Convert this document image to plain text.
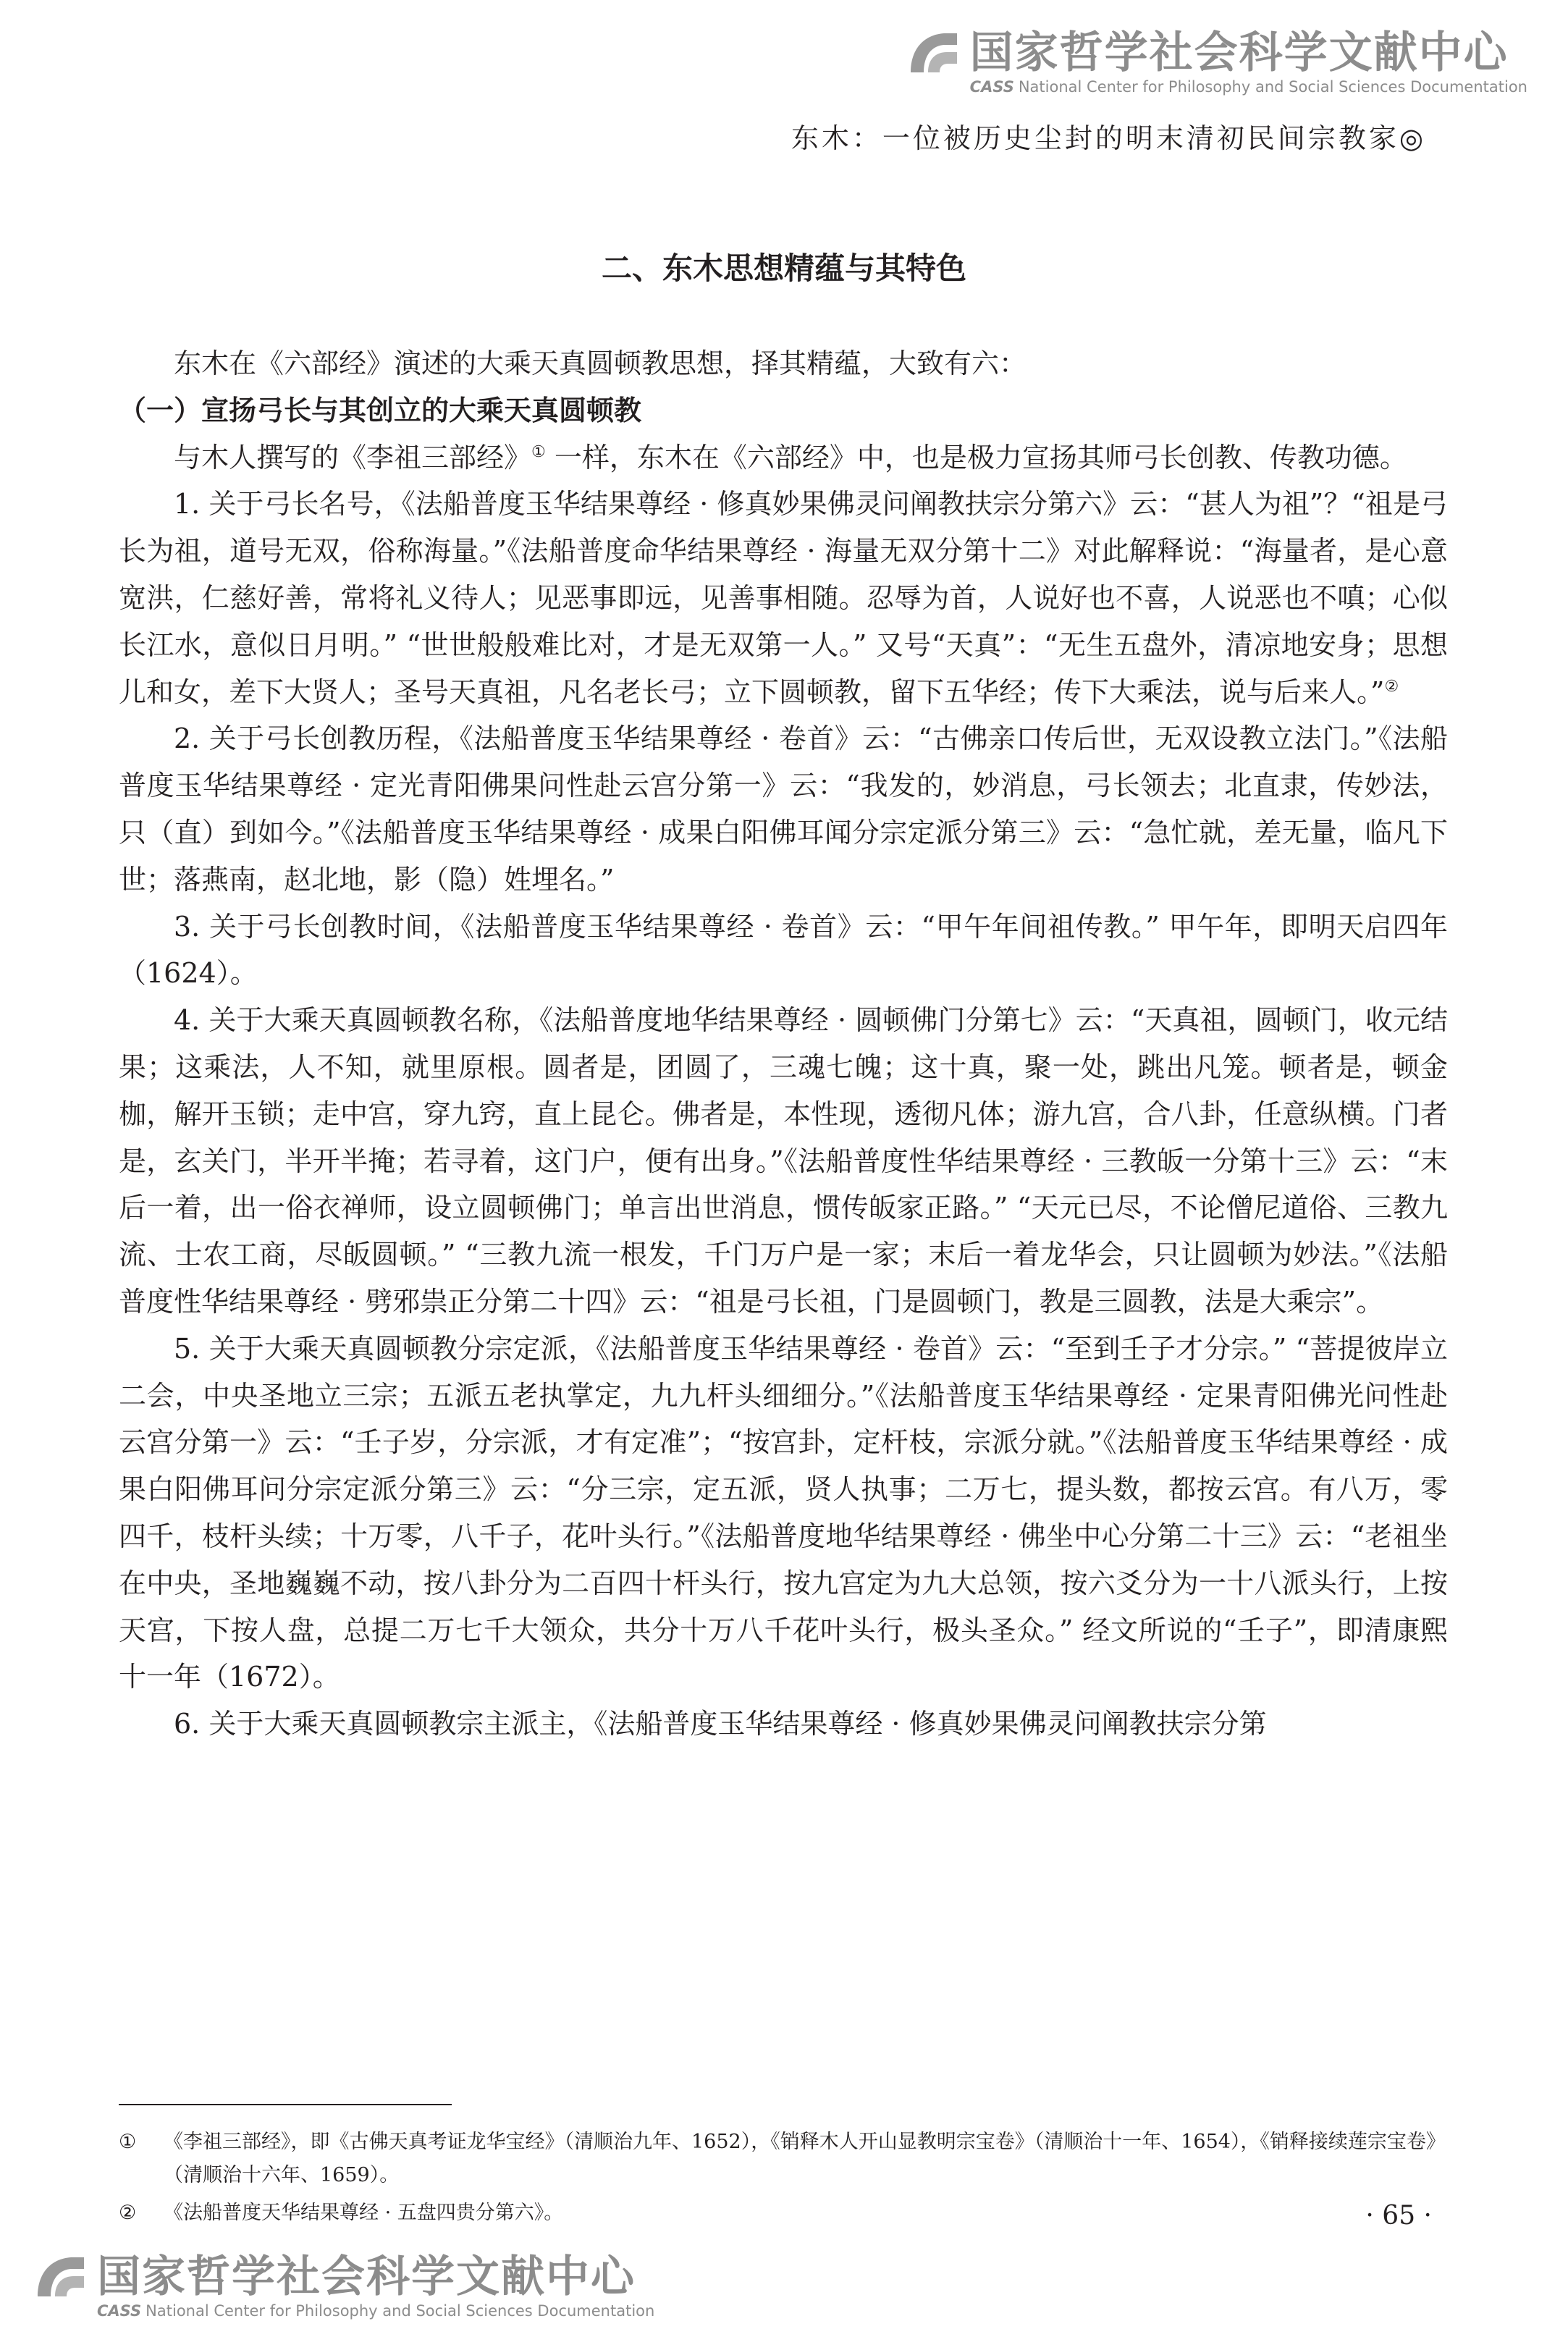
国家哲学社会科学文献中心
CASS National Center for Philosophy and Social Sciences Documentation
东木：一位被历史尘封的明末清初民间宗教家◎
二、东木思想精蕴与其特色

东木在《六部经》演述的大乘天真圆顿教思想，择其精蕴，大致有六：

（一）宣扬弓长与其创立的大乘天真圆顿教

与木人撰写的《李祖三部经》① 一样，东木在《六部经》中，也是极力宣扬其师弓长创教、传教功德。

1. 关于弓长名号，《法船普度玉华结果尊经 · 修真妙果佛灵问阐教扶宗分第六》云：“甚人为祖”？“祖是弓长为祖，道号无双，俗称海量。”《法船普度命华结果尊经 · 海量无双分第十二》对此解释说：“海量者，是心意宽洪，仁慈好善，常将礼义待人；见恶事即远，见善事相随。忍辱为首，人说好也不喜，人说恶也不嗔；心似长江水，意似日月明。” “世世般般难比对，才是无双第一人。” 又号“天真”：“无生五盘外，清凉地安身；思想儿和女，差下大贤人；圣号天真祖，凡名老长弓；立下圆顿教，留下五华经；传下大乘法，说与后来人。”②

2. 关于弓长创教历程，《法船普度玉华结果尊经 · 卷首》云：“古佛亲口传后世，无双设教立法门。”《法船普度玉华结果尊经 · 定光青阳佛果问性赴云宫分第一》云：“我发的，妙消息，弓长领去；北直隶，传妙法，只（直）到如今。”《法船普度玉华结果尊经 · 成果白阳佛耳闻分宗定派分第三》云：“急忙就，差无量，临凡下世；落燕南，赵北地，影（隐）姓埋名。”

3. 关于弓长创教时间，《法船普度玉华结果尊经 · 卷首》云：“甲午年间祖传教。” 甲午年，即明天启四年（1624）。

4. 关于大乘天真圆顿教名称，《法船普度地华结果尊经 · 圆顿佛门分第七》云：“天真祖，圆顿门，收元结果；这乘法，人不知，就里原根。圆者是，团圆了，三魂七魄；这十真，聚一处，跳出凡笼。顿者是，顿金枷，解开玉锁；走中宫，穿九窍，直上昆仑。佛者是，本性现，透彻凡体；游九宫，合八卦，任意纵横。门者是，玄关门，半开半掩；若寻着，这门户，便有出身。”《法船普度性华结果尊经 · 三教皈一分第十三》云：“末后一着，出一俗衣禅师，设立圆顿佛门；单言出世消息，惯传皈家正路。” “天元已尽，不论僧尼道俗、三教九流、士农工商，尽皈圆顿。” “三教九流一根发，千门万户是一家；末后一着龙华会，只让圆顿为妙法。”《法船普度性华结果尊经 · 劈邪祟正分第二十四》云：“祖是弓长祖，门是圆顿门，教是三圆教，法是大乘宗”。

5. 关于大乘天真圆顿教分宗定派，《法船普度玉华结果尊经 · 卷首》云：“至到壬子才分宗。” “菩提彼岸立二会，中央圣地立三宗；五派五老执掌定，九九杆头细细分。”《法船普度玉华结果尊经 · 定果青阳佛光问性赴云宫分第一》云：“壬子岁，分宗派，才有定准”；“按宫卦，定杆枝，宗派分就。”《法船普度玉华结果尊经 · 成果白阳佛耳问分宗定派分第三》云：“分三宗，定五派，贤人执事；二万七，提头数，都按云宫。有八万，零四千，枝杆头续；十万零，八千子，花叶头行。”《法船普度地华结果尊经 · 佛坐中心分第二十三》云：“老祖坐在中央，圣地巍巍不动，按八卦分为二百四十杆头行，按九宫定为九大总领，按六爻分为一十八派头行，上按天宫，下按人盘，总提二万七千大领众，共分十万八千花叶头行，极头圣众。” 经文所说的“壬子”，即清康熙十一年（1672）。

6. 关于大乘天真圆顿教宗主派主，《法船普度玉华结果尊经 · 修真妙果佛灵问阐教扶宗分第

① 《李祖三部经》，即《古佛天真考证龙华宝经》（清顺治九年、1652），《销释木人开山显教明宗宝卷》（清顺治十一年、1654），《销释接续莲宗宝卷》（清顺治十六年、1659）。
② 《法船普度天华结果尊经 · 五盘四贵分第六》。	· 65 ·
国家哲学社会科学文献中心
CASS National Center for Philosophy and Social Sciences Documentation
